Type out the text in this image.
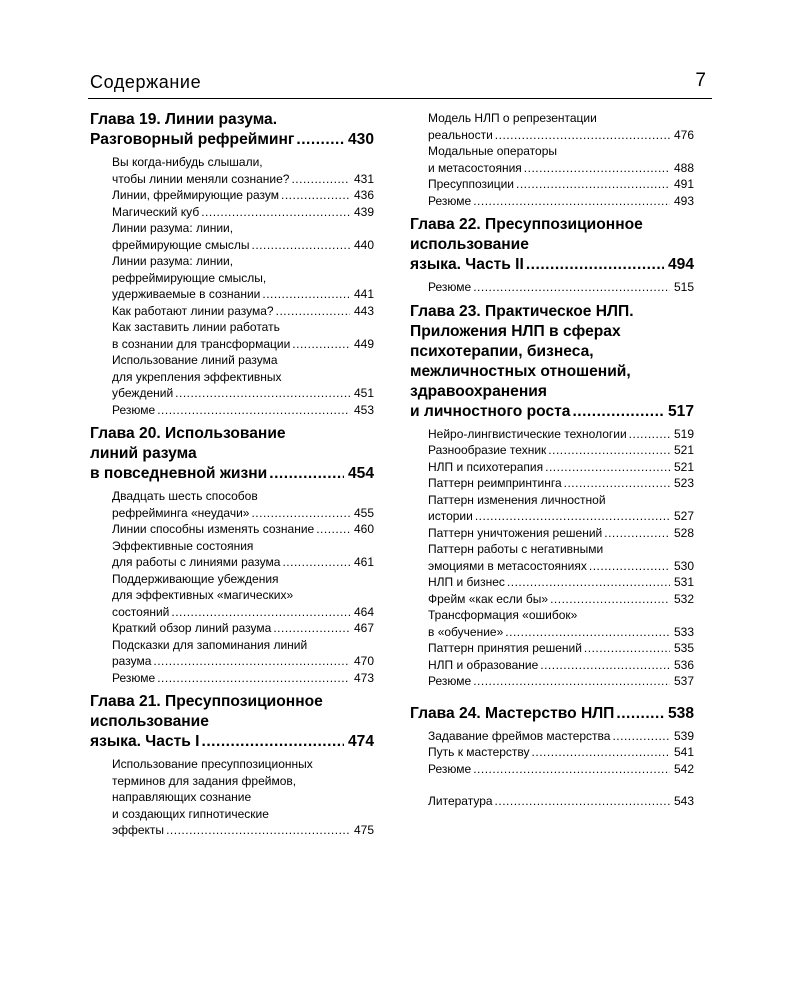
Содержание	7
Глава 19. Линии разума.
Разговорный рефрейминг .....	430
Вы когда-нибудь слышали,
чтобы линии меняли сознание? .....	431
Линии, фреймирующие разум .....	436
Магический куб .....	439
Линии разума: линии,
фреймирующие смыслы .....	440
Линии разума: линии,
рефреймирующие смыслы,
удерживаемые в сознании .....	441
Как работают линии разума? .....	443
Как заставить линии работать
в сознании для трансформации .....	449
Использование линий разума
для укрепления эффективных
убеждений .....	451
Резюме .....	453
Глава 20. Использование
линий разума
в повседневной жизни .....	454
Двадцать шесть способов
рефрейминга «неудачи» .....	455
Линии способны изменять сознание .....	460
Эффективные состояния
для работы с линиями разума .....	461
Поддерживающие убеждения
для эффективных «магических»
состояний .....	464
Краткий обзор линий разума .....	467
Подсказки для запоминания линий
разума .....	470
Резюме .....	473
Глава 21. Пресуппозиционное
использование
языка. Часть I .....	474
Использование пресуппозиционных
терминов для задания фреймов,
направляющих сознание
и создающих гипнотические
эффекты .....	475
Модель НЛП о репрезентации
реальности .....	476
Модальные операторы
и метасостояния .....	488
Пресуппозиции .....	491
Резюме .....	493
Глава 22. Пресуппозиционное
использование
языка. Часть II .....	494
Резюме .....	515
Глава 23. Практическое НЛП.
Приложения НЛП в сферах
психотерапии, бизнеса,
межличностных отношений,
здравоохранения
и личностного роста .....	517
Нейро-лингвистические технологии .....	519
Разнообразие техник .....	521
НЛП и психотерапия .....	521
Паттерн реимпринтинга .....	523
Паттерн изменения личностной
истории .....	527
Паттерн уничтожения решений .....	528
Паттерн работы с негативными
эмоциями в метасостояниях .....	530
НЛП и бизнес .....	531
Фрейм «как если бы» .....	532
Трансформация «ошибок»
в «обучение» .....	533
Паттерн принятия решений .....	535
НЛП и образование .....	536
Резюме .....	537
Глава 24. Мастерство НЛП .....	538
Задавание фреймов мастерства .....	539
Путь к мастерству .....	541
Резюме .....	542
Литература .....	543
